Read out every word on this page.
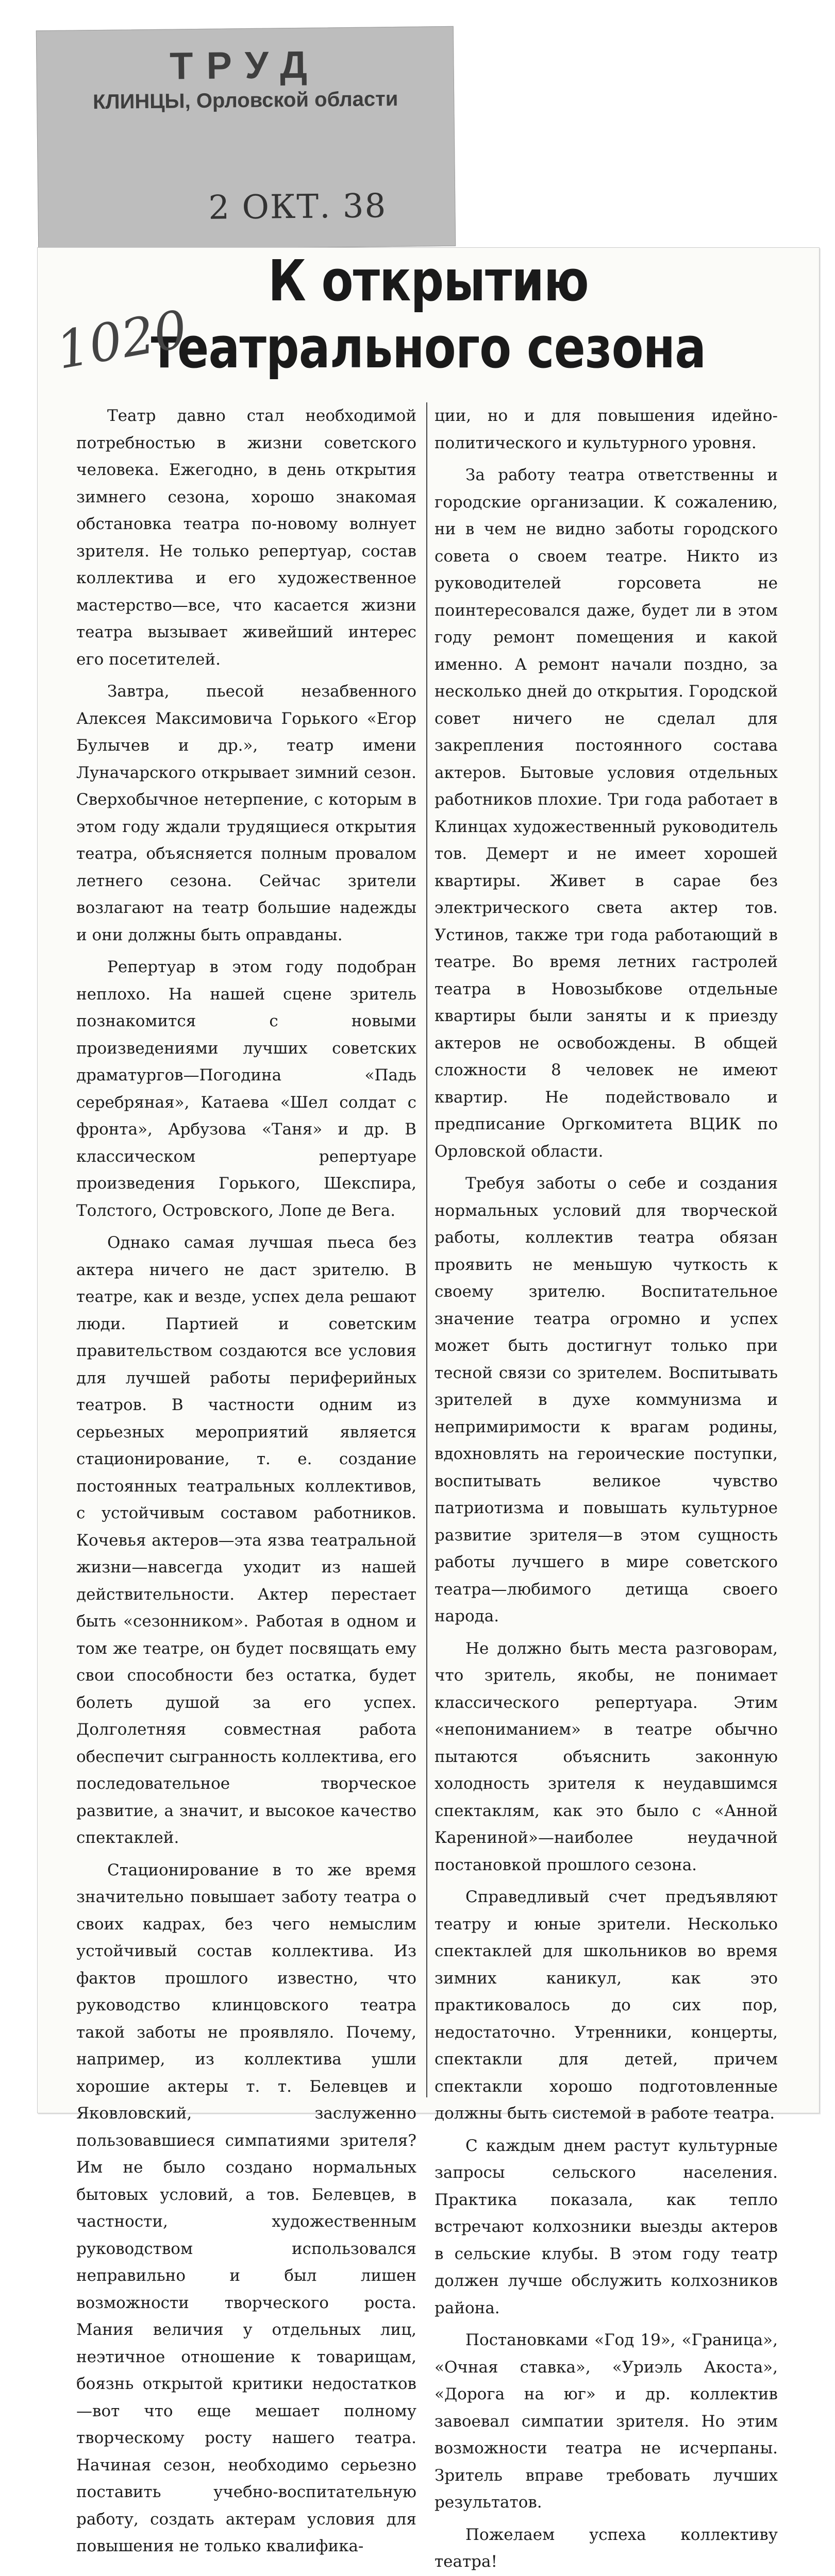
ТРУД
КЛИНЦЫ, Орловской области
2 ОКТ. 38
К открытию
театрального сезона
1020

Театр давно стал необходимой потребностью в жизни советского человека. Ежегодно, в день открытия зимнего сезона, хорошо знакомая обстановка театра по-новому волнует зрителя. Не только репертуар, состав коллектива и его художественное мастерство—все, что касается жизни театра вызывает живейший интерес его посетителей.

Завтра, пьесой незабвенного Алексея Максимовича Горького «Егор Булычев и др.», театр имени Луначарского открывает зимний сезон. Сверхобычное нетерпение, с которым в этом году ждали трудящиеся открытия театра, объясняется полным провалом летнего сезона. Сейчас зрители возлагают на театр большие надежды и они должны быть оправданы.

Репертуар в этом году подобран неплохо. На нашей сцене зритель познакомится с новыми произведениями лучших советских драматургов—Погодина «Падь серебряная», Катаева «Шел солдат с фронта», Арбузова «Таня» и др. В классическом репертуаре произведения Горького, Шекспира, Толстого, Островского, Лопе де Вега.

Однако самая лучшая пьеса без актера ничего не даст зрителю. В театре, как и везде, успех дела решают люди. Партией и советским правительством создаются все условия для лучшей работы периферийных театров. В частности одним из серьезных мероприятий является стационирование, т. е. создание постоянных театральных коллективов, с устойчивым составом работников. Кочевья актеров—эта язва театральной жизни—навсегда уходит из нашей действительности. Актер перестает быть «сезонником». Работая в одном и том же театре, он будет посвящать ему свои способности без остатка, будет болеть душой за его успех. Долголетняя совместная работа обеспечит сыгранность коллектива, его последовательное творческое развитие, а значит, и высокое качество спектаклей.

Стационирование в то же время значительно повышает заботу театра о своих кадрах, без чего немыслим устойчивый состав коллектива. Из фактов прошлого известно, что руководство клинцовского театра такой заботы не проявляло. Почему, например, из коллектива ушли хорошие актеры т. т. Белевцев и Яковловский, заслуженно пользовавшиеся симпатиями зрителя? Им не было создано нормальных бытовых условий, а тов. Белевцев, в частности, художественным руководством использовался неправильно и был лишен возможности творческого роста. Мания величия у отдельных лиц, неэтичное отношение к товарищам, боязнь открытой критики недостатков—вот что еще мешает полному творческому росту нашего театра. Начиная сезон, необходимо серьезно поставить учебно-воспитательную работу, создать актерам условия для повышения не только квалифика-

ции, но и для повышения идейно-политического и культурного уровня.

За работу театра ответственны и городские организации. К сожалению, ни в чем не видно заботы городского совета о своем театре. Никто из руководителей горсовета не поинтересовался даже, будет ли в этом году ремонт помещения и какой именно. А ремонт начали поздно, за несколько дней до открытия. Городской совет ничего не сделал для закрепления постоянного состава актеров. Бытовые условия отдельных работников плохие. Три года работает в Клинцах художественный руководитель тов. Демерт и не имеет хорошей квартиры. Живет в сарае без электрического света актер тов. Устинов, также три года работающий в театре. Во время летних гастролей театра в Новозыбкове отдельные квартиры были заняты и к приезду актеров не освобождены. В общей сложности 8 человек не имеют квартир. Не подействовало и предписание Оргкомитета ВЦИК по Орловской области.

Требуя заботы о себе и создания нормальных условий для творческой работы, коллектив театра обязан проявить не меньшую чуткость к своему зрителю. Воспитательное значение театра огромно и успех может быть достигнут только при тесной связи со зрителем. Воспитывать зрителей в духе коммунизма и непримиримости к врагам родины, вдохновлять на героические поступки, воспитывать великое чувство патриотизма и повышать культурное развитие зрителя—в этом сущность работы лучшего в мире советского театра—любимого детища своего народа.

Не должно быть места разговорам, что зритель, якобы, не понимает классического репертуара. Этим «непониманием» в театре обычно пытаются объяснить законную холодность зрителя к неудавшимся спектаклям, как это было с «Анной Карениной»—наиболее неудачной постановкой прошлого сезона.

Справедливый счет предъявляют театру и юные зрители. Несколько спектаклей для школьников во время зимних каникул, как это практиковалось до сих пор, недостаточно. Утренники, концерты, спектакли для детей, причем спектакли хорошо подготовленные должны быть системой в работе театра.

С каждым днем растут культурные запросы сельского населения. Практика показала, как тепло встречают колхозники выезды актеров в сельские клубы. В этом году театр должен лучше обслужить колхозников района.

Постановками «Год 19», «Граница», «Очная ставка», «Уриэль Акоста», «Дорога на юг» и др. коллектив завоевал симпатии зрителя. Но этим возможности театра не исчерпаны. Зритель вправе требовать лучших результатов.

Пожелаем успеха коллективу театра!
